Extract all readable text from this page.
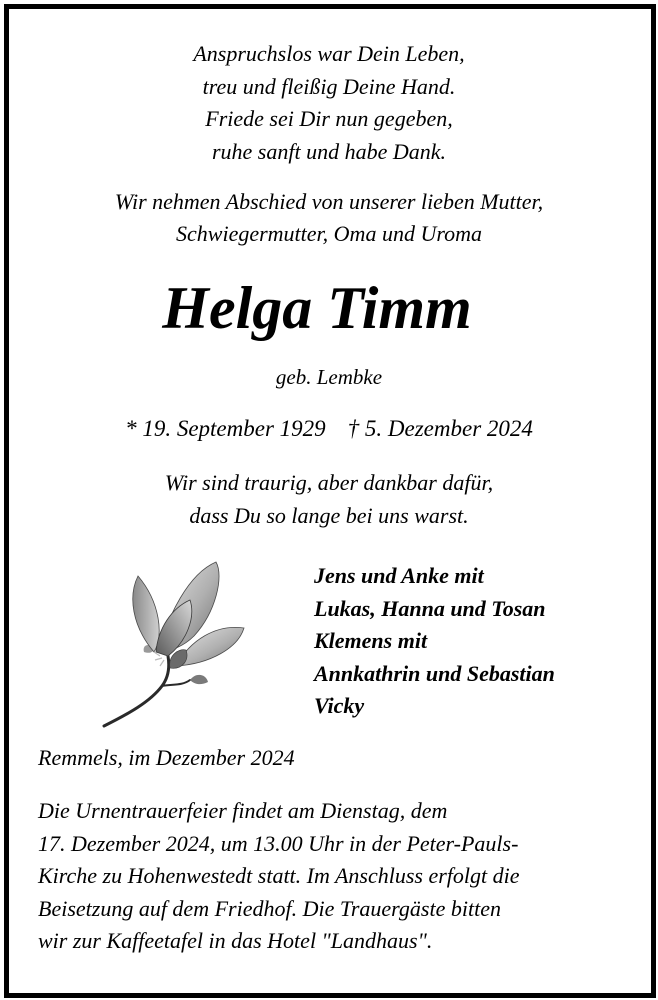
Anspruchslos war Dein Leben,
treu und fleißig Deine Hand.
Friede sei Dir nun gegeben,
ruhe sanft und habe Dank.
Wir nehmen Abschied von unserer lieben Mutter,
Schwiegermutter, Oma und Uroma
Helga Timm
geb. Lembke
* 19. September 1929 † 5. Dezember 2024
Wir sind traurig, aber dankbar dafür,
dass Du so lange bei uns warst.
Jens und Anke mit
Lukas, Hanna und Tosan
Klemens mit
Annkathrin und Sebastian
Vicky
Remmels, im Dezember 2024
Die Urnentrauerfeier findet am Dienstag, dem
17. Dezember 2024, um 13.00 Uhr in der Peter-Pauls-
Kirche zu Hohenwestedt statt. Im Anschluss erfolgt die
Beisetzung auf dem Friedhof. Die Trauergäste bitten
wir zur Kaffeetafel in das Hotel "Landhaus".
